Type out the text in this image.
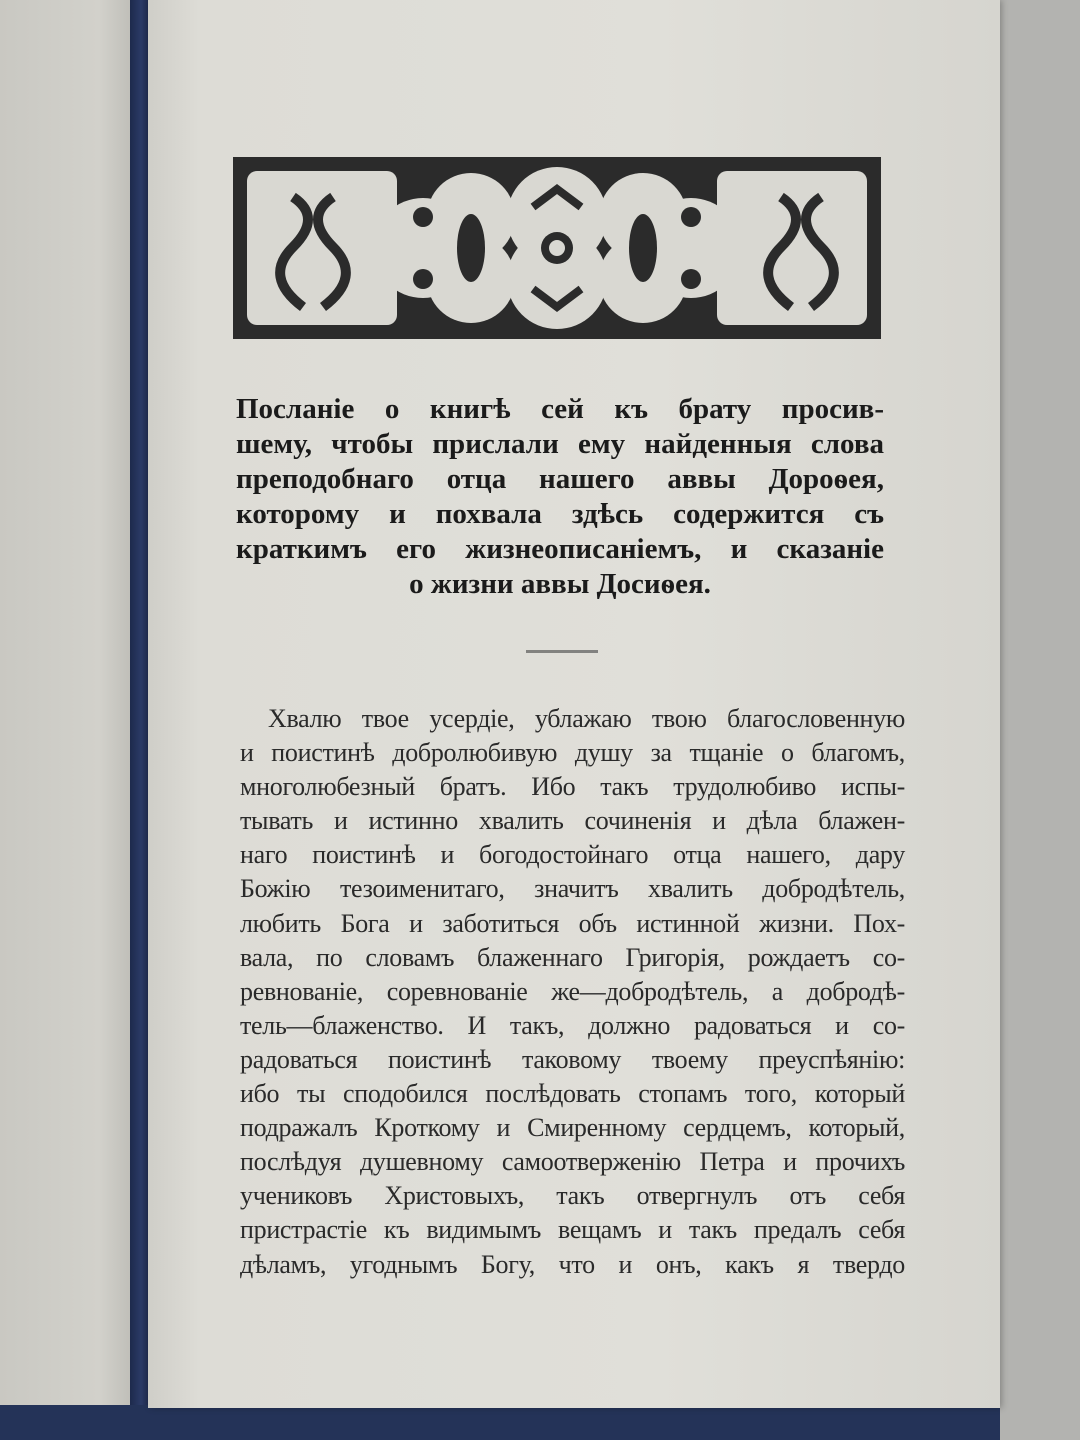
Посланіе о книгѣ сей къ брату просив-
шему, чтобы прислали ему найденныя слова
преподобнаго отца нашего аввы Дороѳея,
которому и похвала здѣсь содержится съ
краткимъ его жизнеописаніемъ, и сказаніе
о жизни аввы Досиѳея.
Хвалю твое усердіе, ублажаю твою благословенную
и поистинѣ добролюбивую душу за тщаніе о благомъ,
многолюбезный братъ. Ибо такъ трудолюбиво испы-
тывать и истинно хвалить сочиненія и дѣла блажен-
наго поистинѣ и богодостойнаго отца нашего, дару
Божію тезоименитаго, значитъ хвалить добродѣтель,
любить Бога и заботиться объ истинной жизни. Пох-
вала, по словамъ блаженнаго Григорія, рождаетъ со-
ревнованіе, соревнованіе же—добродѣтель, а добродѣ-
тель—блаженство. И такъ, должно радоваться и со-
радоваться поистинѣ таковому твоему преуспѣянію:
ибо ты сподобился послѣдовать стопамъ того, который
подражалъ Кроткому и Смиренному сердцемъ, который,
послѣдуя душевному самоотверженію Петра и прочихъ
учениковъ Христовыхъ, такъ отвергнулъ отъ себя
пристрастіе къ видимымъ вещамъ и такъ предалъ себя
дѣламъ, угоднымъ Богу, что и онъ, какъ я твердо
